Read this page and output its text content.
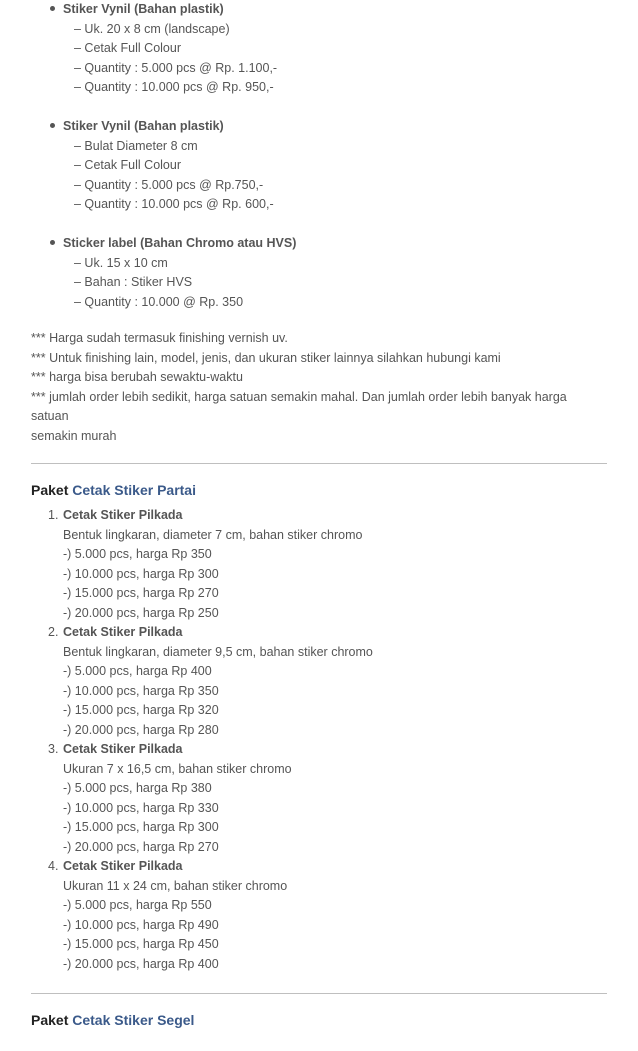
Stiker Vynil (Bahan plastik)
– Uk. 20 x 8 cm (landscape)
– Cetak Full Colour
– Quantity : 5.000 pcs @ Rp. 1.100,-
– Quantity : 10.000 pcs @ Rp. 950,-
Stiker Vynil (Bahan plastik)
– Bulat Diameter 8 cm
– Cetak Full Colour
– Quantity : 5.000 pcs @ Rp.750,-
– Quantity : 10.000 pcs @ Rp. 600,-
Sticker label (Bahan Chromo atau HVS)
– Uk. 15 x 10 cm
– Bahan : Stiker HVS
– Quantity : 10.000 @ Rp. 350
*** Harga sudah termasuk finishing vernish uv.
*** Untuk finishing lain, model, jenis, dan ukuran stiker lainnya silahkan hubungi kami
*** harga bisa berubah sewaktu-waktu
*** jumlah order lebih sedikit, harga satuan semakin mahal. Dan jumlah order lebih banyak harga satuan
semakin murah
Paket Cetak Stiker Partai
1. Cetak Stiker Pilkada
Bentuk lingkaran, diameter 7 cm, bahan stiker chromo
-) 5.000 pcs, harga Rp 350
-) 10.000 pcs, harga Rp 300
-) 15.000 pcs, harga Rp 270
-) 20.000 pcs, harga Rp 250
2. Cetak Stiker Pilkada
Bentuk lingkaran, diameter 9,5 cm, bahan stiker chromo
-) 5.000 pcs, harga Rp 400
-) 10.000 pcs, harga Rp 350
-) 15.000 pcs, harga Rp 320
-) 20.000 pcs, harga Rp 280
3. Cetak Stiker Pilkada
Ukuran 7 x 16,5 cm, bahan stiker chromo
-) 5.000 pcs, harga Rp 380
-) 10.000 pcs, harga Rp 330
-) 15.000 pcs, harga Rp 300
-) 20.000 pcs, harga Rp 270
4. Cetak Stiker Pilkada
Ukuran 11 x 24 cm, bahan stiker chromo
-) 5.000 pcs, harga Rp 550
-) 10.000 pcs, harga Rp 490
-) 15.000 pcs, harga Rp 450
-) 20.000 pcs, harga Rp 400
Paket Cetak Stiker Segel
